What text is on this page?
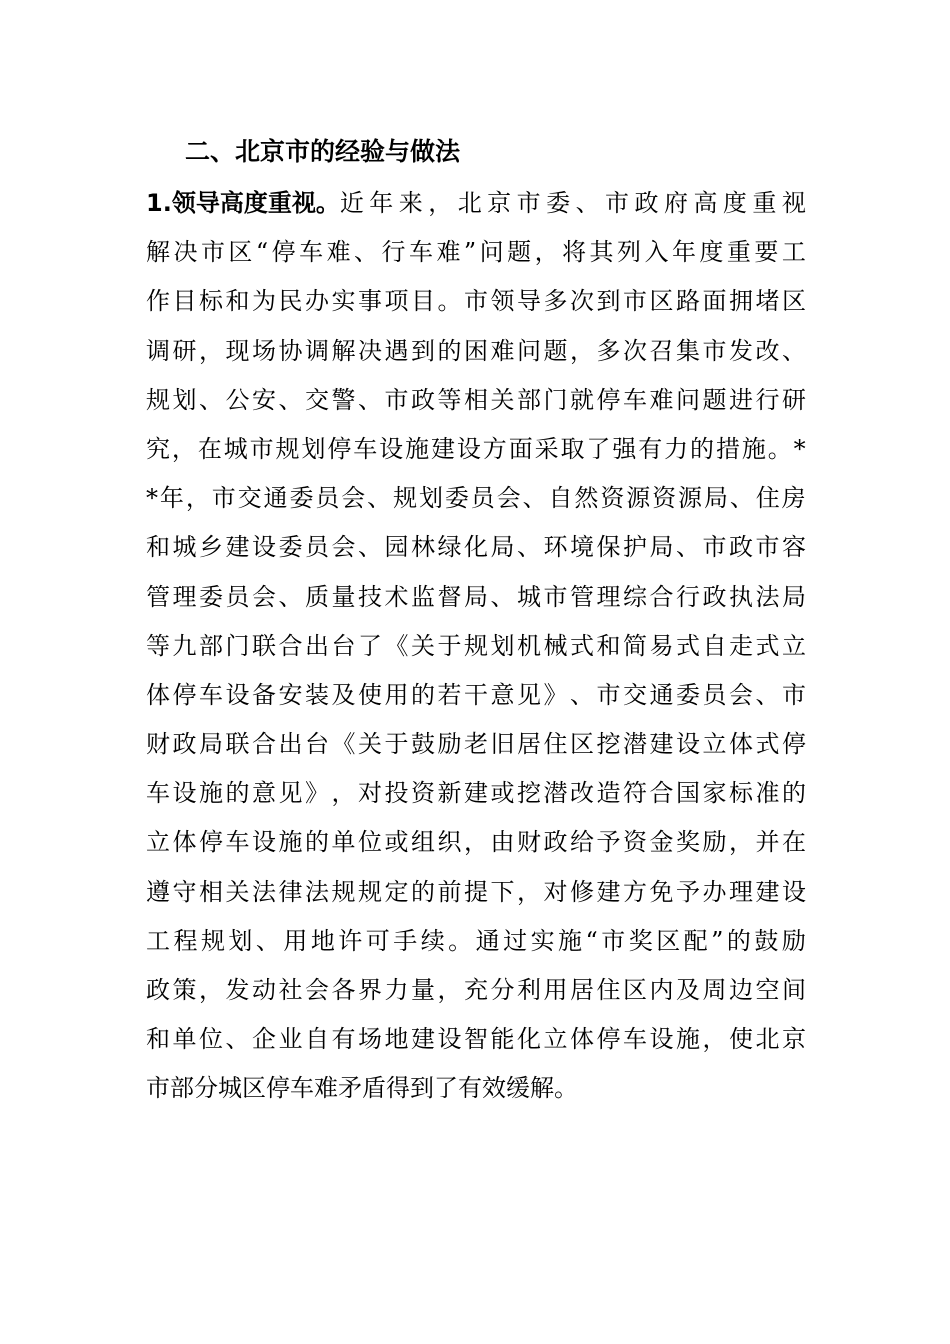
二、北京市的经验与做法
1.领导高度重视。 近 年 来 ， 北 京 市 委 、 市 政 府 高 度 重 视
解 决 市 区 “ 停 车 难 、 行 车 难 ” 问 题 ， 将 其 列 入 年 度 重 要 工
作 目 标 和 为 民 办 实 事 项 目 。 市 领 导 多 次 到 市 区 路 面 拥 堵 区
调 研 ， 现 场 协 调 解 决 遇 到 的 困 难 问 题 ， 多 次 召 集 市 发 改 、
规 划 、 公 安 、 交 警 、 市 政 等 相 关 部 门 就 停 车 难 问 题 进 行 研
究 ， 在 城 市 规 划 停 车 设 施 建 设 方 面 采 取 了 强 有 力 的 措 施 。 *
* 年 ， 市 交 通 委 员 会 、 规 划 委 员 会 、 自 然 资 源 资 源 局 、 住 房
和 城 乡 建 设 委 员 会 、 园 林 绿 化 局 、 环 境 保 护 局 、 市 政 市 容
管 理 委 员 会 、 质 量 技 术 监 督 局 、 城 市 管 理 综 合 行 政 执 法 局
等 九 部 门 联 合 出 台 了 《 关 于 规 划 机 械 式 和 简 易 式 自 走 式 立
体 停 车 设 备 安 装 及 使 用 的 若 干 意 见 》 、 市 交 通 委 员 会 、 市
财 政 局 联 合 出 台 《 关 于 鼓 励 老 旧 居 住 区 挖 潜 建 设 立 体 式 停
车 设 施 的 意 见 》 ， 对 投 资 新 建 或 挖 潜 改 造 符 合 国 家 标 准 的
立 体 停 车 设 施 的 单 位 或 组 织 ， 由 财 政 给 予 资 金 奖 励 ， 并 在
遵 守 相 关 法 律 法 规 规 定 的 前 提 下 ， 对 修 建 方 免 予 办 理 建 设
工 程 规 划 、 用 地 许 可 手 续 。 通 过 实 施 “ 市 奖 区 配 ” 的 鼓 励
政 策 ， 发 动 社 会 各 界 力 量 ， 充 分 利 用 居 住 区 内 及 周 边 空 间
和 单 位 、 企 业 自 有 场 地 建 设 智 能 化 立 体 停 车 设 施 ， 使 北 京
市部分城区停车难矛盾得到了有效缓解。
